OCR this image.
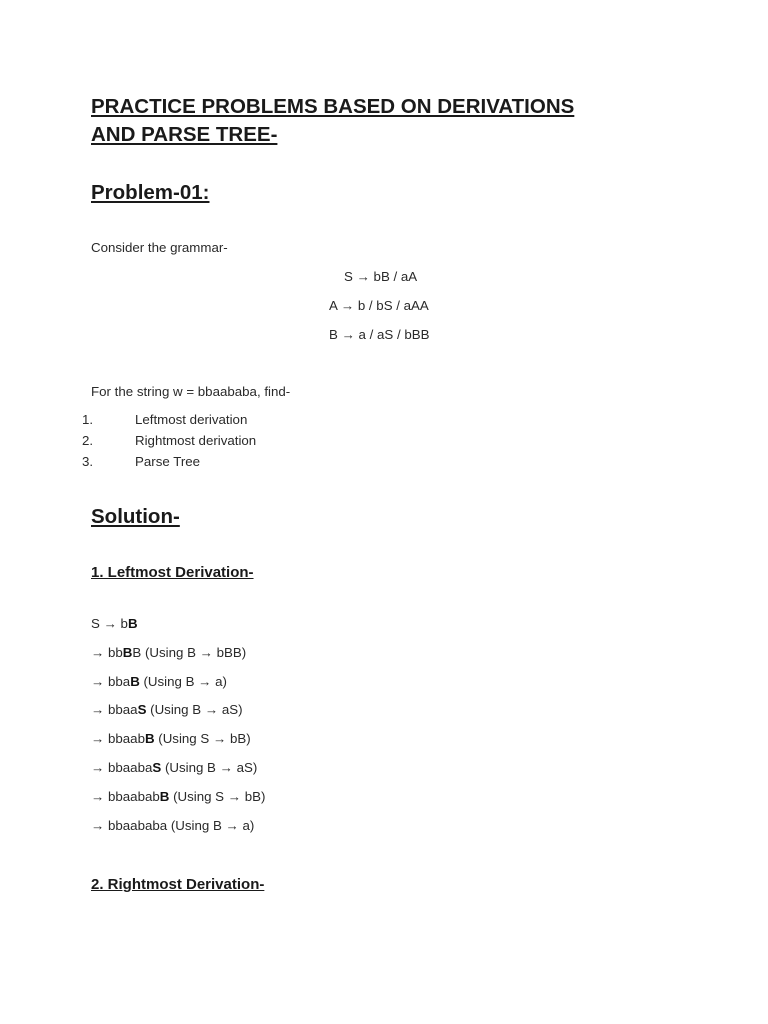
PRACTICE PROBLEMS BASED ON DERIVATIONS
AND PARSE TREE-
Problem-01:
Consider the grammar-
S → bB / aA
A → b / bS / aAA
B → a / aS / bBB
For the string w = bbaababa, find-
1.	Leftmost derivation
2.	Rightmost derivation
3.	Parse Tree
Solution-
1. Leftmost Derivation-
S → bB
→ bbBB (Using B → bBB)
→ bbaB (Using B → a)
→ bbaaS (Using B → aS)
→ bbaabB (Using S → bB)
→ bbaabaS (Using B → aS)
→ bbaababB (Using S → bB)
→ bbaababa (Using B → a)
2. Rightmost Derivation-
